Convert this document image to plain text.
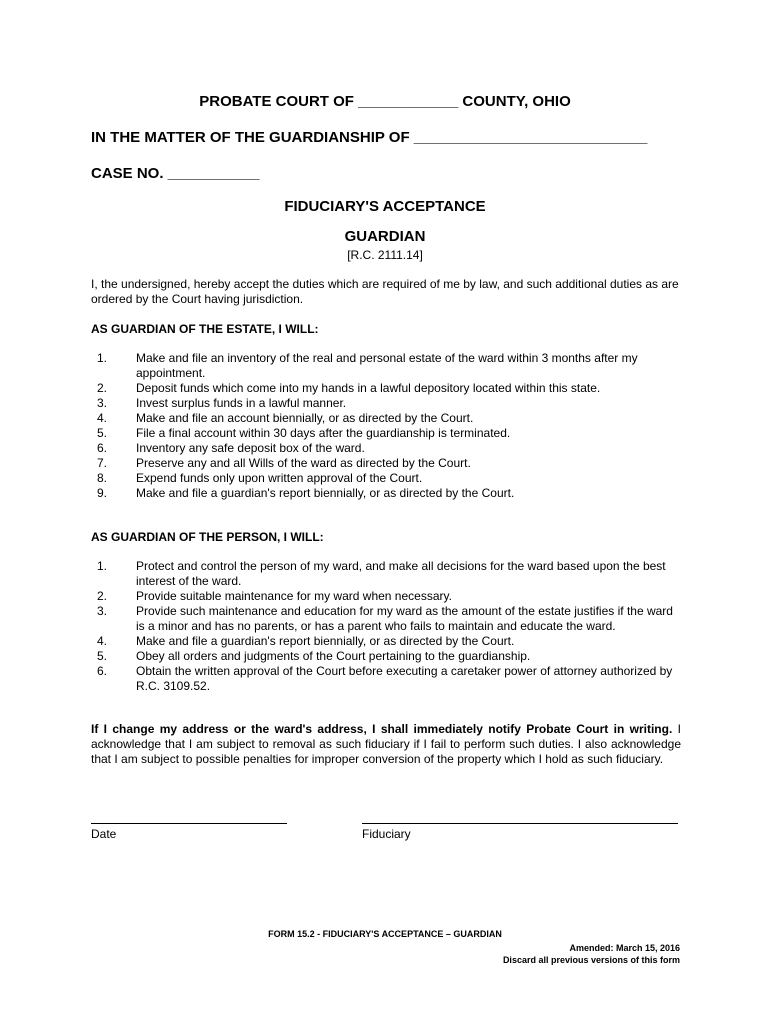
PROBATE COURT OF ____________ COUNTY, OHIO
IN THE MATTER OF THE GUARDIANSHIP OF ____________________________
CASE NO. ___________
FIDUCIARY'S ACCEPTANCE
GUARDIAN
[R.C. 2111.14]
I, the undersigned, hereby accept the duties which are required of me by law, and such additional duties as are ordered by the Court having jurisdiction.
AS GUARDIAN OF THE ESTATE, I WILL:
1. Make and file an inventory of the real and personal estate of the ward within 3 months after my appointment.
2. Deposit funds which come into my hands in a lawful depository located within this state.
3. Invest surplus funds in a lawful manner.
4. Make and file an account biennially, or as directed by the Court.
5. File a final account within 30 days after the guardianship is terminated.
6. Inventory any safe deposit box of the ward.
7. Preserve any and all Wills of the ward as directed by the Court.
8. Expend funds only upon written approval of the Court.
9. Make and file a guardian's report biennially, or as directed by the Court.
AS GUARDIAN OF THE PERSON, I WILL:
1. Protect and control the person of my ward, and make all decisions for the ward based upon the best interest of the ward.
2. Provide suitable maintenance for my ward when necessary.
3. Provide such maintenance and education for my ward as the amount of the estate justifies if the ward is a minor and has no parents, or has a parent who fails to maintain and educate the ward.
4. Make and file a guardian's report biennially, or as directed by the Court.
5. Obey all orders and judgments of the Court pertaining to the guardianship.
6. Obtain the written approval of the Court before executing a caretaker power of attorney authorized by R.C. 3109.52.
If I change my address or the ward's address, I shall immediately notify Probate Court in writing. I acknowledge that I am subject to removal as such fiduciary if I fail to perform such duties. I also acknowledge that I am subject to possible penalties for improper conversion of the property which I hold as such fiduciary.
Date	Fiduciary
FORM 15.2 - FIDUCIARY'S ACCEPTANCE – GUARDIAN
Amended: March 15, 2016
Discard all previous versions of this form
